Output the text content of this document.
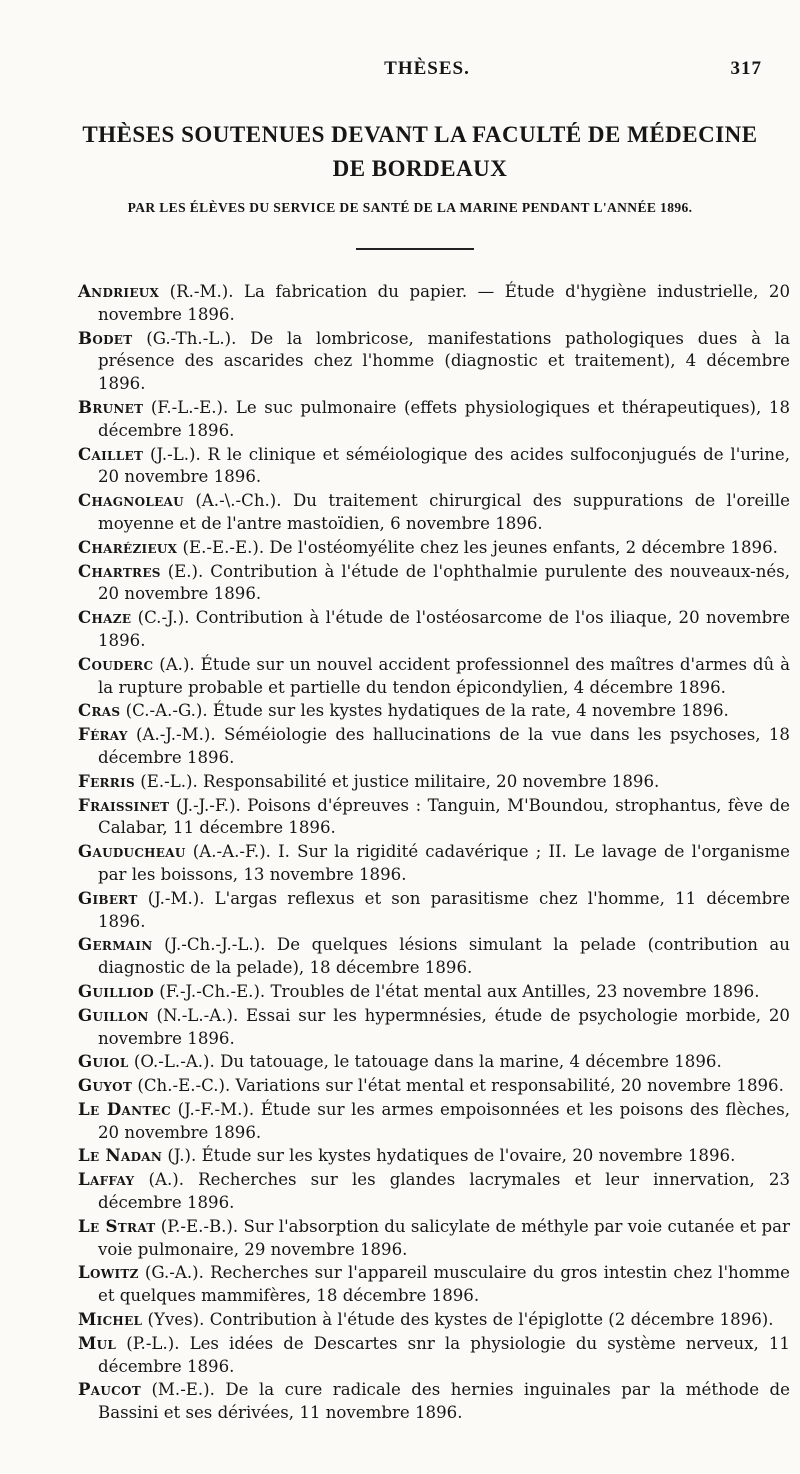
THÈSES.	317
THÈSES SOUTENUES DEVANT LA FACULTÉ DE MÉDECINE
DE BORDEAUX

PAR LES ÉLÈVES DU SERVICE DE SANTÉ DE LA MARINE PENDANT L'ANNÉE 1896.

Andrieux (R.-M.). La fabrication du papier. — Étude d'hygiène industrielle, 20 novembre 1896.

Bodet (G.-Th.-L.). De la lombricose, manifestations pathologiques dues à la présence des ascarides chez l'homme (diagnostic et traitement), 4 décembre 1896.

Brunet (F.-L.-E.). Le suc pulmonaire (effets physiologiques et thérapeutiques), 18 décembre 1896.

Caillet (J.-L.). R le clinique et séméiologique des acides sulfoconjugués de l'urine, 20 novembre 1896.

Chagnoleau (A.-\.-Ch.). Du traitement chirurgical des suppurations de l'oreille moyenne et de l'antre mastoïdien, 6 novembre 1896.

Charézieux (E.-E.-E.). De l'ostéomyélite chez les jeunes enfants, 2 décembre 1896.

Chartres (E.). Contribution à l'étude de l'ophthalmie purulente des nouveaux-nés, 20 novembre 1896.

Chaze (C.-J.). Contribution à l'étude de l'ostéosarcome de l'os iliaque, 20 novembre 1896.

Couderc (A.). Étude sur un nouvel accident professionnel des maîtres d'armes dû à la rupture probable et partielle du tendon épicondylien, 4 décembre 1896.

Cras (C.-A.-G.). Étude sur les kystes hydatiques de la rate, 4 novembre 1896.

Féray (A.-J.-M.). Séméiologie des hallucinations de la vue dans les psychoses, 18 décembre 1896.

Ferris (E.-L.). Responsabilité et justice militaire, 20 novembre 1896.

Fraissinet (J.-J.-F.). Poisons d'épreuves : Tanguin, M'Boundou, strophantus, fève de Calabar, 11 décembre 1896.

Gauducheau (A.-A.-F.). I. Sur la rigidité cadavérique ; II. Le lavage de l'organisme par les boissons, 13 novembre 1896.

Gibert (J.-M.). L'argas reflexus et son parasitisme chez l'homme, 11 décembre 1896.

Germain (J.-Ch.-J.-L.). De quelques lésions simulant la pelade (contribution au diagnostic de la pelade), 18 décembre 1896.

Guilliod (F.-J.-Ch.-E.). Troubles de l'état mental aux Antilles, 23 novembre 1896.

Guillon (N.-L.-A.). Essai sur les hypermnésies, étude de psychologie morbide, 20 novembre 1896.

Guiol (O.-L.-A.). Du tatouage, le tatouage dans la marine, 4 décembre 1896.

Guyot (Ch.-E.-C.). Variations sur l'état mental et responsabilité, 20 novembre 1896.

Le Dantec (J.-F.-M.). Étude sur les armes empoisonnées et les poisons des flèches, 20 novembre 1896.

Le Nadan (J.). Étude sur les kystes hydatiques de l'ovaire, 20 novembre 1896.

Laffay (A.). Recherches sur les glandes lacrymales et leur innervation, 23 décembre 1896.

Le Strat (P.-E.-B.). Sur l'absorption du salicylate de méthyle par voie cutanée et par voie pulmonaire, 29 novembre 1896.

Lowitz (G.-A.). Recherches sur l'appareil musculaire du gros intestin chez l'homme et quelques mammifères, 18 décembre 1896.

Michel (Yves). Contribution à l'étude des kystes de l'épiglotte (2 décembre 1896).

Mul (P.-L.). Les idées de Descartes snr la physiologie du système nerveux, 11 décembre 1896.

Paucot (M.-E.). De la cure radicale des hernies inguinales par la méthode de Bassini et ses dérivées, 11 novembre 1896.
